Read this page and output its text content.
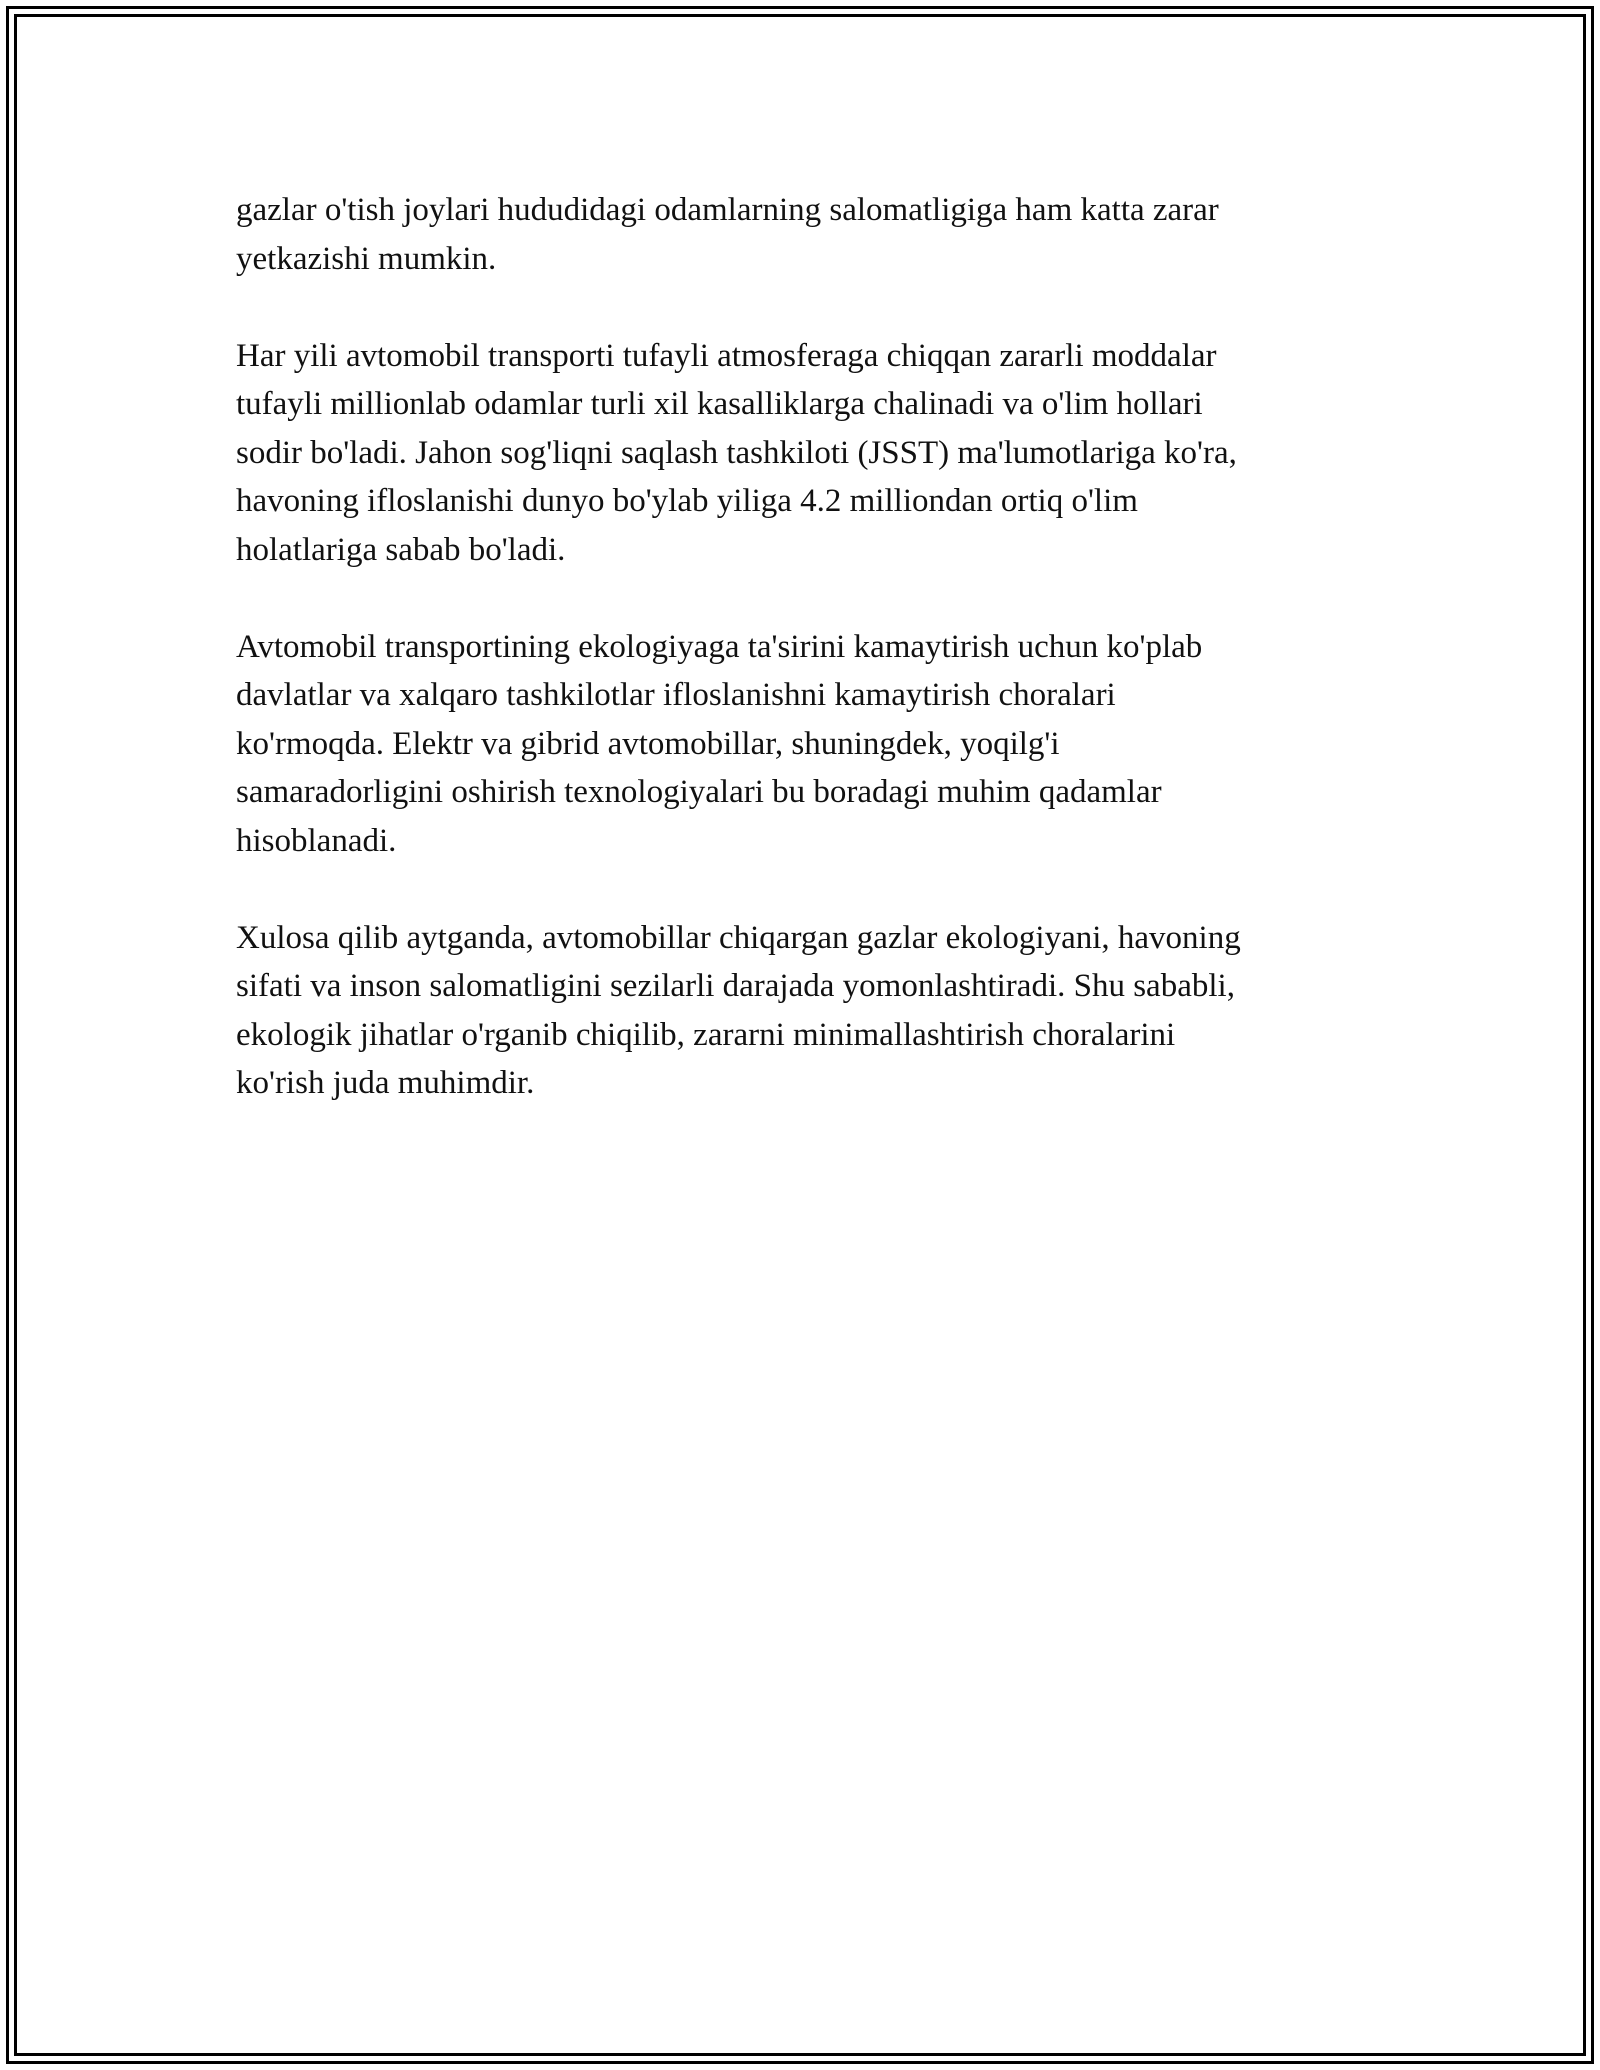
gazlar o'tish joylari hududidagi odamlarning salomatligiga ham katta zarar
yetkazishi mumkin.

Har yili avtomobil transporti tufayli atmosferaga chiqqan zararli moddalar
tufayli millionlab odamlar turli xil kasalliklarga chalinadi va o'lim hollari
sodir bo'ladi. Jahon sog'liqni saqlash tashkiloti (JSST) ma'lumotlariga ko'ra,
havoning ifloslanishi dunyo bo'ylab yiliga 4.2 milliondan ortiq o'lim
holatlariga sabab bo'ladi.

Avtomobil transportining ekologiyaga ta'sirini kamaytirish uchun ko'plab
davlatlar va xalqaro tashkilotlar ifloslanishni kamaytirish choralari
ko'rmoqda. Elektr va gibrid avtomobillar, shuningdek, yoqilg'i
samaradorligini oshirish texnologiyalari bu boradagi muhim qadamlar
hisoblanadi.

Xulosa qilib aytganda, avtomobillar chiqargan gazlar ekologiyani, havoning
sifati va inson salomatligini sezilarli darajada yomonlashtiradi. Shu sababli,
ekologik jihatlar o'rganib chiqilib, zararni minimallashtirish choralarini
ko'rish juda muhimdir.
